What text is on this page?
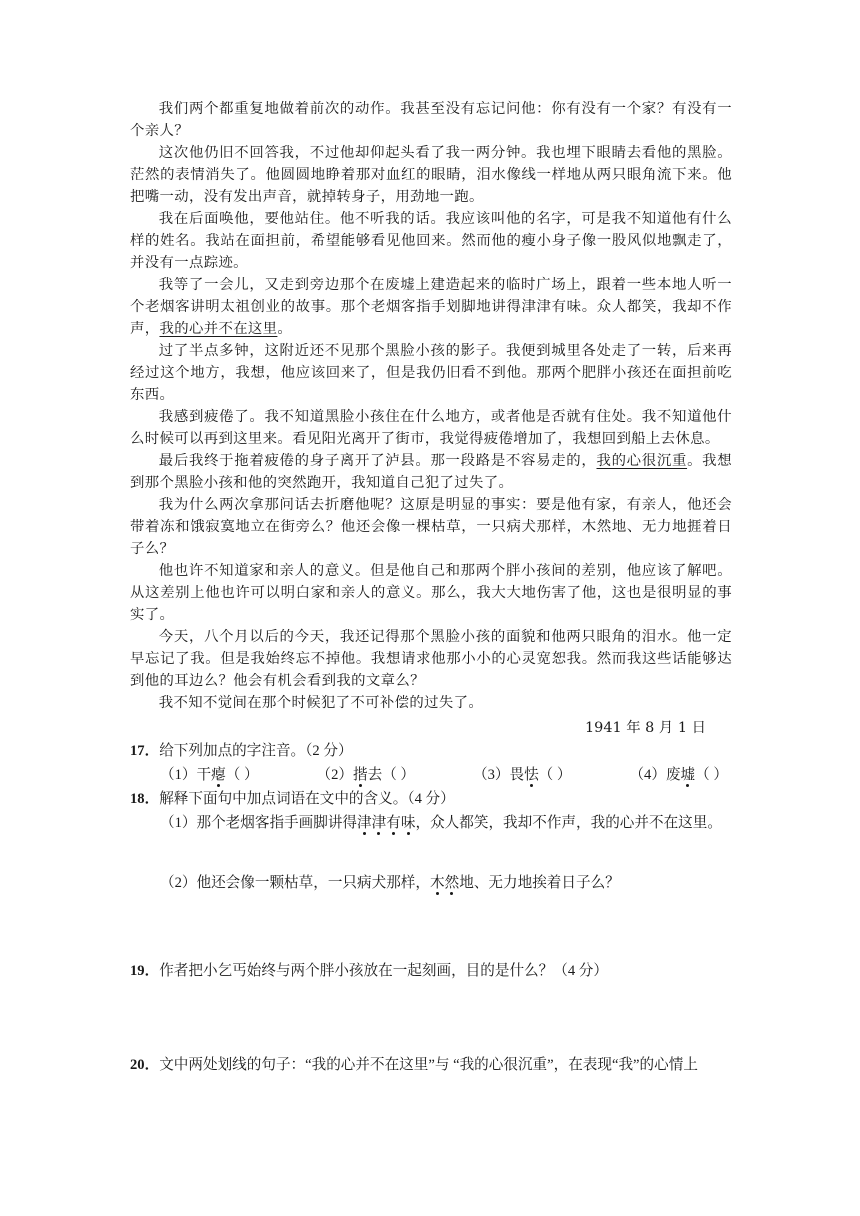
我们两个都重复地做着前次的动作。我甚至没有忘记问他：你有没有一个家？有没有一个亲人？

这次他仍旧不回答我，不过他却仰起头看了我一两分钟。我也埋下眼睛去看他的黑脸。茫然的表情消失了。他圆圆地睁着那对血红的眼睛，泪水像线一样地从两只眼角流下来。他把嘴一动，没有发出声音，就掉转身子，用劲地一跑。

我在后面唤他，要他站住。他不听我的话。我应该叫他的名字，可是我不知道他有什么样的姓名。我站在面担前，希望能够看见他回来。然而他的瘦小身子像一股风似地飘走了，并没有一点踪迹。

我等了一会儿，又走到旁边那个在废墟上建造起来的临时广场上，跟着一些本地人听一个老烟客讲明太祖创业的故事。那个老烟客指手划脚地讲得津津有味。众人都笑，我却不作声，我的心并不在这里。

过了半点多钟，这附近还不见那个黑脸小孩的影子。我便到城里各处走了一转，后来再经过这个地方，我想，他应该回来了，但是我仍旧看不到他。那两个肥胖小孩还在面担前吃东西。

我感到疲倦了。我不知道黑脸小孩住在什么地方，或者他是否就有住处。我不知道他什么时候可以再到这里来。看见阳光离开了街市，我觉得疲倦增加了，我想回到船上去休息。

最后我终于拖着疲倦的身子离开了泸县。那一段路是不容易走的，我的心很沉重。我想到那个黑脸小孩和他的突然跑开，我知道自己犯了过失了。

我为什么两次拿那问话去折磨他呢？这原是明显的事实：要是他有家，有亲人，他还会带着冻和饿寂寞地立在街旁么？他还会像一棵枯草，一只病犬那样，木然地、无力地捱着日子么？

他也许不知道家和亲人的意义。但是他自己和那两个胖小孩间的差别，他应该了解吧。从这差别上他也许可以明白家和亲人的意义。那么，我大大地伤害了他，这也是很明显的事实了。

今天，八个月以后的今天，我还记得那个黑脸小孩的面貌和他两只眼角的泪水。他一定早忘记了我。但是我始终忘不掉他。我想请求他那小小的心灵宽恕我。然而我这些话能够达到他的耳边么？他会有机会看到我的文章么？

我不知不觉间在那个时候犯了不可补偿的过失了。

1941 年 8 月 1 日

17．给下列加点的字注音。（2 分）

（1）干瘪（ ）	（2）揩去（ ）	（3）畏怯（ ）	（4）废墟（ ）

18．解释下面句中加点词语在文中的含义。（4 分）

（1）那个老烟客指手画脚讲得津津有味，众人都笑，我却不作声，我的心并不在这里。

（2）他还会像一颗枯草，一只病犬那样，木然地、无力地挨着日子么？

19．作者把小乞丐始终与两个胖小孩放在一起刻画，目的是什么？（4 分）

20．文中两处划线的句子：“我的心并不在这里”与 “我的心很沉重”，在表现“我”的心情上
